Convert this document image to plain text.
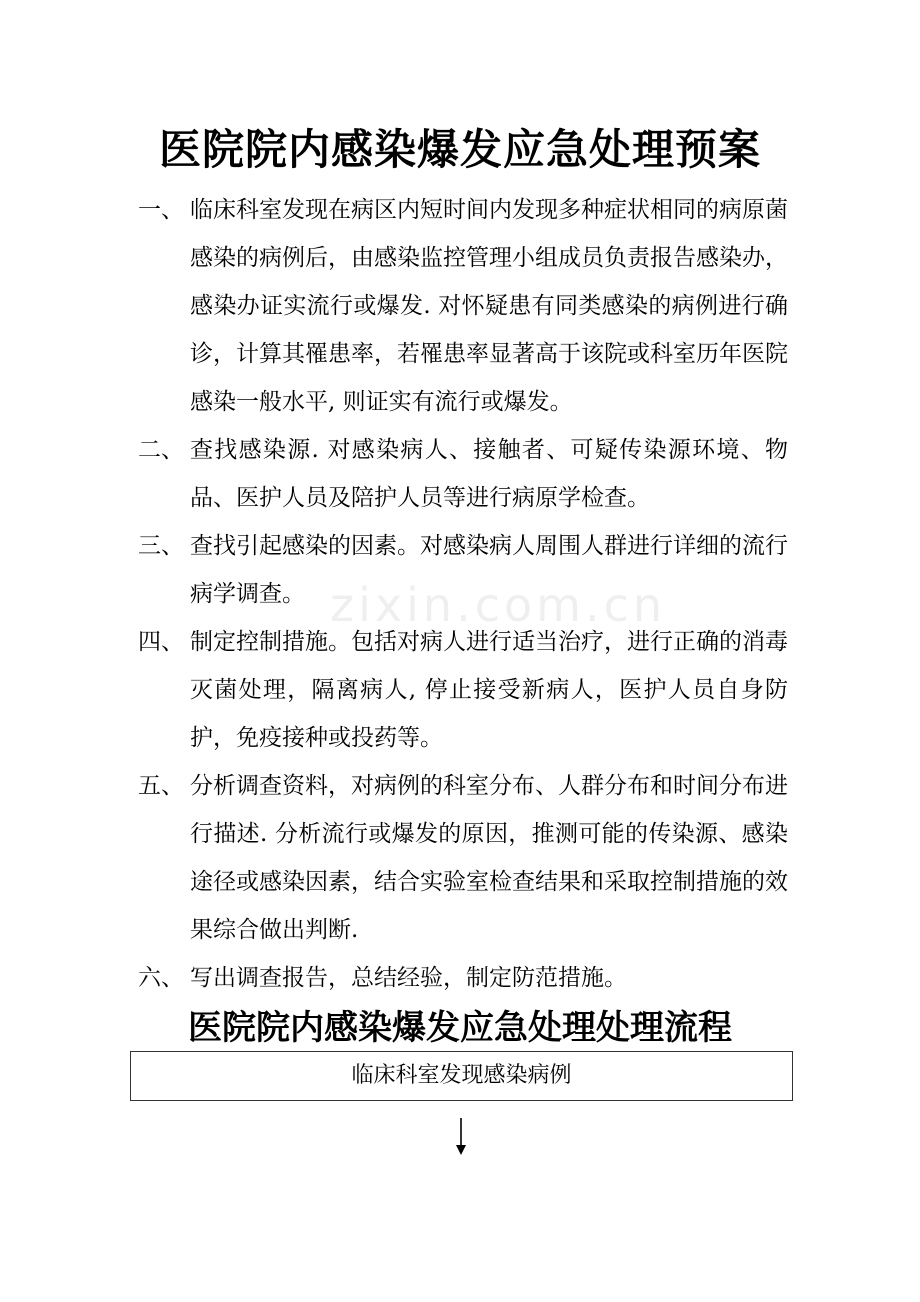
医院院内感染爆发应急处理预案
一、 临床科室发现在病区内短时间内发现多种症状相同的病原菌感染的病例后，由感染监控管理小组成员负责报告感染办，感染办证实流行或爆发. 对怀疑患有同类感染的病例进行确诊，计算其罹患率，若罹患率显著高于该院或科室历年医院感染一般水平, 则证实有流行或爆发。
二、 查找感染源. 对感染病人、接触者、可疑传染源环境、物品、医护人员及陪护人员等进行病原学检查。
三、 查找引起感染的因素。对感染病人周围人群进行详细的流行病学调查。
四、 制定控制措施。包括对病人进行适当治疗，进行正确的消毒灭菌处理，隔离病人, 停止接受新病人，医护人员自身防护，免疫接种或投药等。
五、 分析调查资料，对病例的科室分布、人群分布和时间分布进行描述. 分析流行或爆发的原因，推测可能的传染源、感染途径或感染因素，结合实验室检查结果和采取控制措施的效果综合做出判断.
六、 写出调查报告，总结经验，制定防范措施。
zixin.com.cn
医院院内感染爆发应急处理处理流程
临床科室发现感染病例
